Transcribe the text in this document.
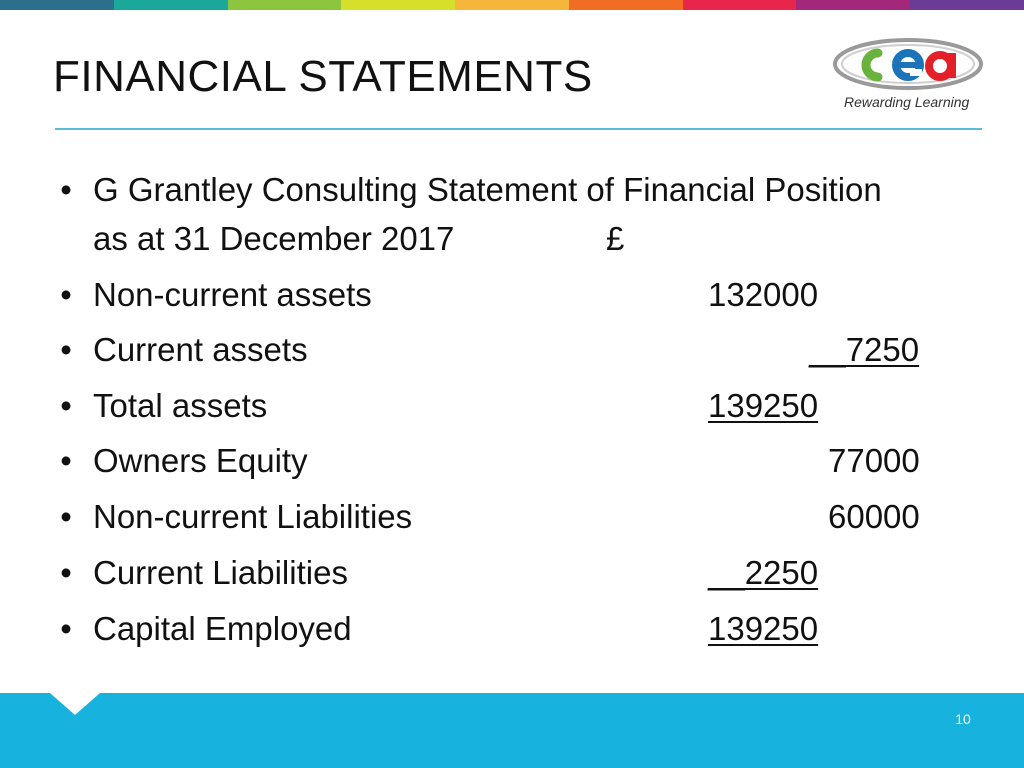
FINANCIAL STATEMENTS
Rewarding Learning
• G Grantley Consulting Statement of Financial Position
as at 31 December 2017	£
• Non-current assets	132000
• Current assets	__7250
• Total assets	139250
• Owners Equity	77000
• Non-current Liabilities	60000
• Current Liabilities	__2250
• Capital Employed	139250
10
